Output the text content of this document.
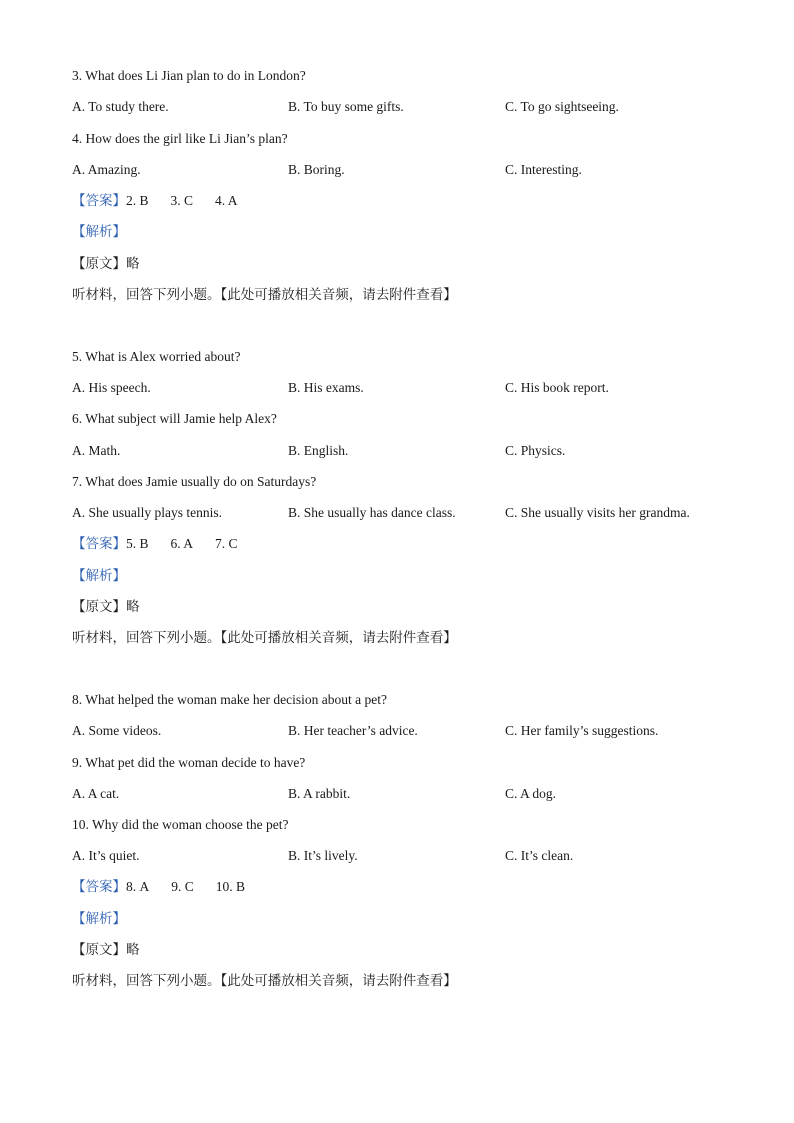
3. What does Li Jian plan to do in London?
A. To study there.	B. To buy some gifts.	C. To go sightseeing.
4. How does the girl like Li Jian’s plan?
A. Amazing.	B. Boring.	C. Interesting.
【答案】2. B 3. C 4. A
【解析】
【原文】略
听材料，回答下列小题。【此处可播放相关音频，请去附件查看】
5. What is Alex worried about?
A. His speech.	B. His exams.	C. His book report.
6. What subject will Jamie help Alex?
A. Math.	B. English.	C. Physics.
7. What does Jamie usually do on Saturdays?
A. She usually plays tennis.	B. She usually has dance class.	C. She usually visits her grandma.
【答案】5. B 6. A 7. C
【解析】
【原文】略
听材料，回答下列小题。【此处可播放相关音频，请去附件查看】
8. What helped the woman make her decision about a pet?
A. Some videos.	B. Her teacher’s advice.	C. Her family’s suggestions.
9. What pet did the woman decide to have?
A. A cat.	B. A rabbit.	C. A dog.
10. Why did the woman choose the pet?
A. It’s quiet.	B. It’s lively.	C. It’s clean.
【答案】8. A 9. C 10. B
【解析】
【原文】略
听材料，回答下列小题。【此处可播放相关音频，请去附件查看】
